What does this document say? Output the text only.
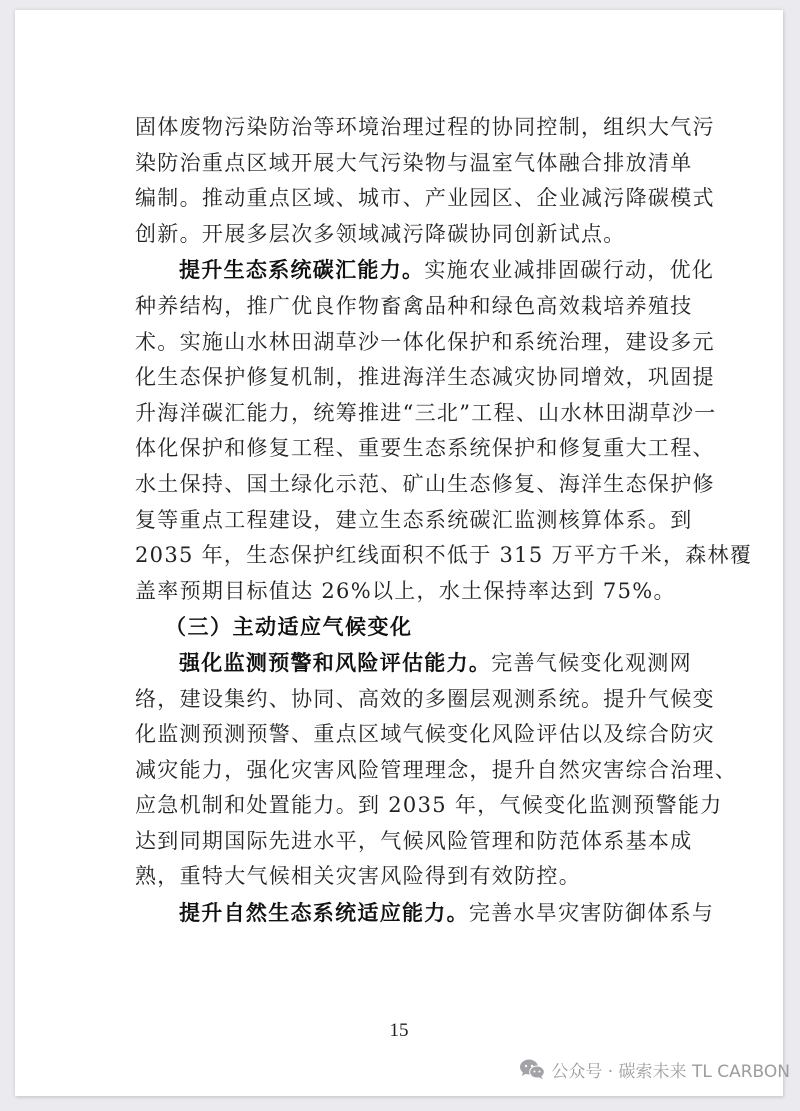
固体废物污染防治等环境治理过程的协同控制，组织大气污
染防治重点区域开展大气污染物与温室气体融合排放清单
编制。推动重点区域、城市、产业园区、企业减污降碳模式
创新。开展多层次多领域减污降碳协同创新试点。

提升生态系统碳汇能力。实施农业减排固碳行动，优化
种养结构，推广优良作物畜禽品种和绿色高效栽培养殖技
术。实施山水林田湖草沙一体化保护和系统治理，建设多元
化生态保护修复机制，推进海洋生态减灾协同增效，巩固提
升海洋碳汇能力，统筹推进“三北”工程、山水林田湖草沙一
体化保护和修复工程、重要生态系统保护和修复重大工程、
水土保持、国土绿化示范、矿山生态修复、海洋生态保护修
复等重点工程建设，建立生态系统碳汇监测核算体系。到
2035 年，生态保护红线面积不低于 315 万平方千米，森林覆
盖率预期目标值达 26%以上，水土保持率达到 75%。

（三）主动适应气候变化

强化监测预警和风险评估能力。完善气候变化观测网
络，建设集约、协同、高效的多圈层观测系统。提升气候变
化监测预测预警、重点区域气候变化风险评估以及综合防灾
减灾能力，强化灾害风险管理理念，提升自然灾害综合治理、
应急机制和处置能力。到 2035 年，气候变化监测预警能力
达到同期国际先进水平，气候风险管理和防范体系基本成
熟，重特大气候相关灾害风险得到有效防控。

提升自然生态系统适应能力。完善水旱灾害防御体系与

15
公众号 · 碳索未来 TL CARBON
